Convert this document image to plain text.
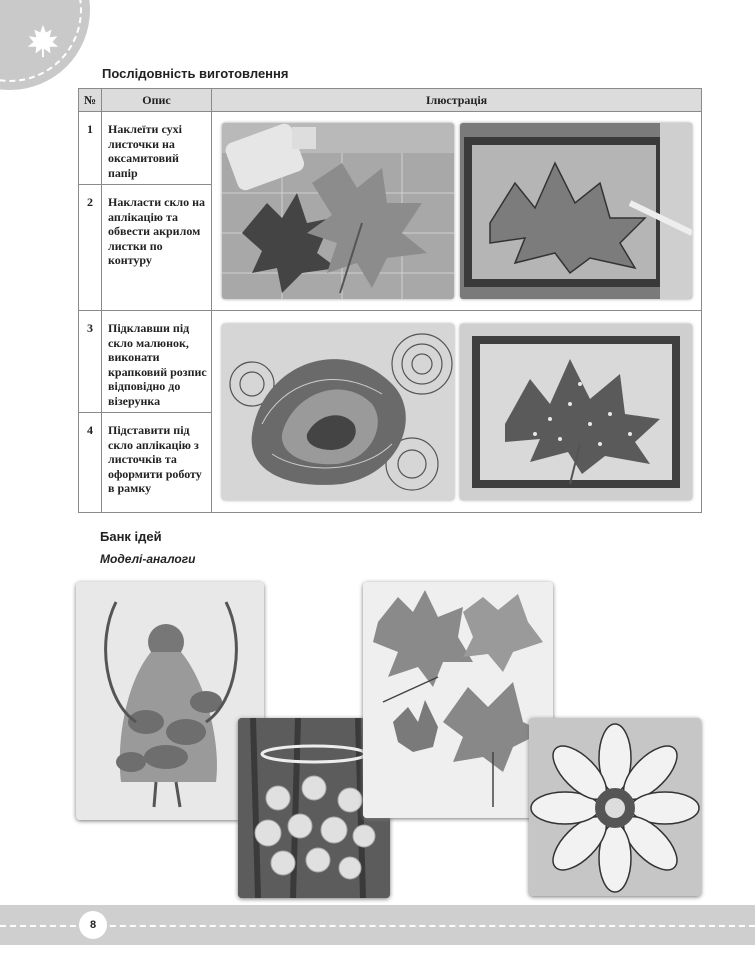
Послідовність виготовлення
№	Опис	Ілюстрація
1	Наклеїти сухі листочки на оксамитовий папір	

2	Накласти скло на аплікацію та обвести акрилом листки по контуру	
3	Підклавши під скло малюнок, виконати крапковий розпис відповідно до візерунка	

4	Підставити під скло аплікацію з листочків та оформити роботу в рамку	
Банк ідей
Моделі-аналоги
8
